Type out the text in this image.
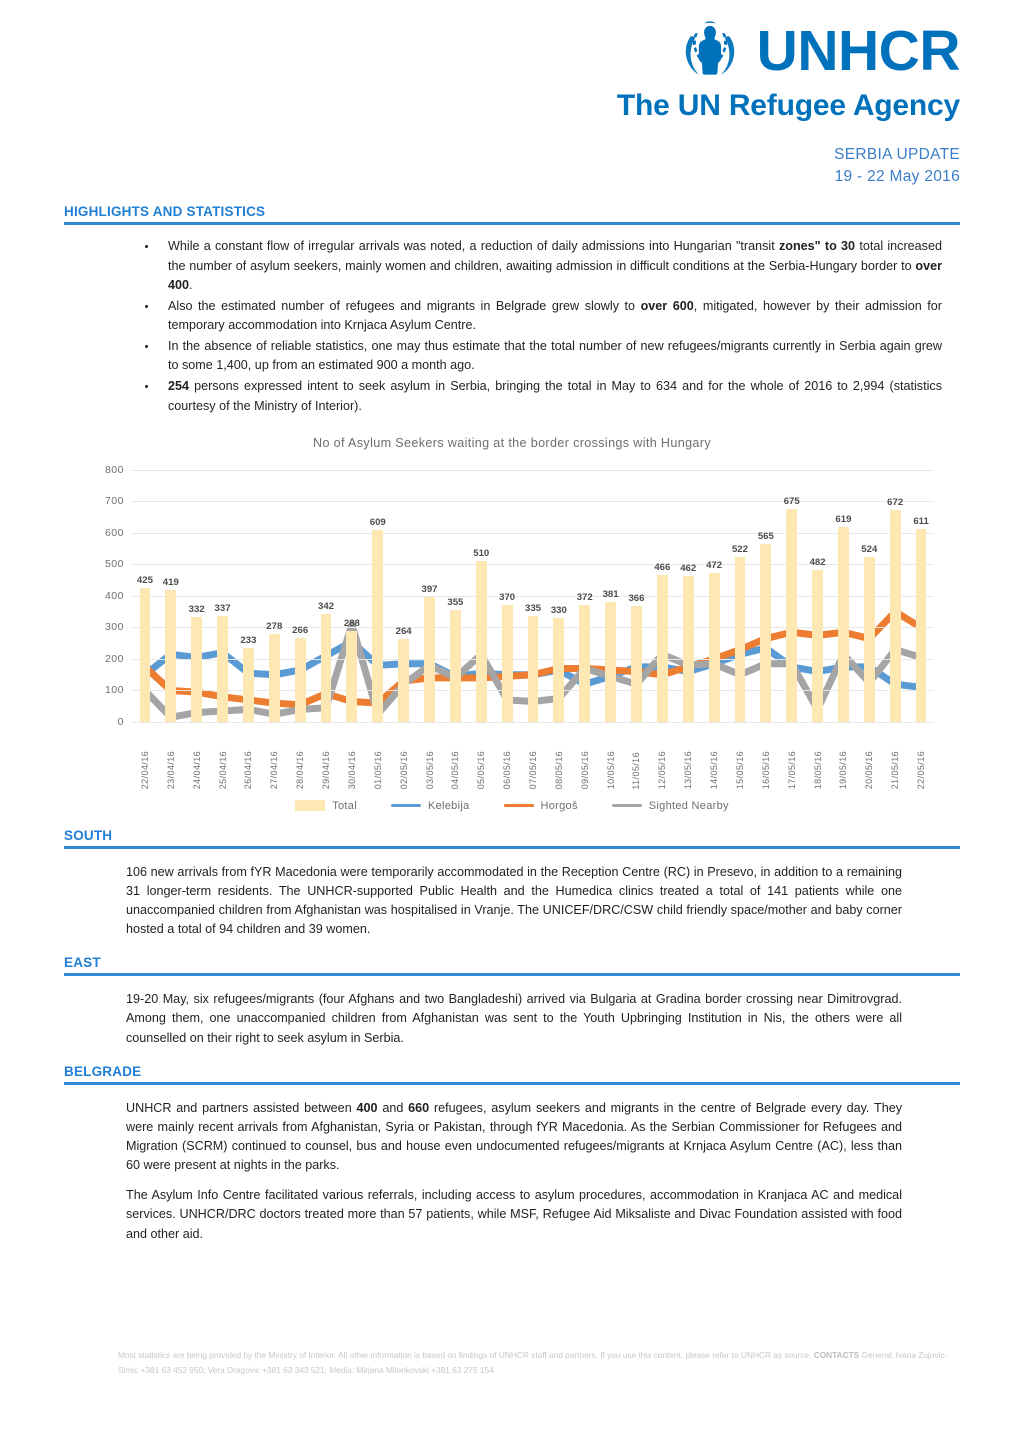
UNHCR
The UN Refugee Agency
SERBIA UPDATE
19 - 22 May 2016
HIGHLIGHTS AND STATISTICS
• While a constant flow of irregular arrivals was noted, a reduction of daily admissions into Hungarian "transit zones" to 30 total increased the number of asylum seekers, mainly women and children, awaiting admission in difficult conditions at the Serbia-Hungary border to over 400.
• Also the estimated number of refugees and migrants in Belgrade grew slowly to over 600, mitigated, however by their admission for temporary accommodation into Krnjaca Asylum Centre.
• In the absence of reliable statistics, one may thus estimate that the total number of new refugees/migrants currently in Serbia again grew to some 1,400, up from an estimated 900 a month ago.
• 254 persons expressed intent to seek asylum in Serbia, bringing the total in May to 634 and for the whole of 2016 to 2,994 (statistics courtesy of the Ministry of Interior).
No of Asylum Seekers waiting at the border crossings with Hungary
0
100
200
300
400
500
600
700
800
425 419
332 337
233
278 266
342
288
609
264
397
355
510
370
335 330
372 381 366
466 462 472
522
565
675
482
619
524
672
611
22/04/16 23/04/16 24/04/16 25/04/16 26/04/16 27/04/16 28/04/16 29/04/16 30/04/16 01/05/16 02/05/16 03/05/16 04/05/16 05/05/16 06/05/16 07/05/16 08/05/16 09/05/16 10/05/16 11/05/16 12/05/16 13/05/16 14/05/16 15/05/16 16/05/16 17/05/16 18/05/16 19/05/16 20/05/16 21/05/16 22/05/16
Total	Kelebija	Horgoš	Sighted Nearby
SOUTH

106 new arrivals from fYR Macedonia were temporarily accommodated in the Reception Centre (RC) in Presevo, in addition to a remaining 31 longer-term residents. The UNHCR-supported Public Health and the Humedica clinics treated a total of 141 patients while one unaccompanied children from Afghanistan was hospitalised in Vranje. The UNICEF/DRC/CSW child friendly space/mother and baby corner hosted a total of 94 children and 39 women.

EAST

19-20 May, six refugees/migrants (four Afghans and two Bangladeshi) arrived via Bulgaria at Gradina border crossing near Dimitrovgrad. Among them, one unaccompanied children from Afghanistan was sent to the Youth Upbringing Institution in Nis, the others were all counselled on their right to seek asylum in Serbia.

BELGRADE

UNHCR and partners assisted between 400 and 660 refugees, asylum seekers and migrants in the centre of Belgrade every day. They were mainly recent arrivals from Afghanistan, Syria or Pakistan, through fYR Macedonia. As the Serbian Commissioner for Refugees and Migration (SCRM) continued to counsel, bus and house even undocumented refugees/migrants at Krnjaca Asylum Centre (AC), less than 60 were present at nights in the parks.

The Asylum Info Centre facilitated various referrals, including access to asylum procedures, accommodation in Kranjaca AC and medical services. UNHCR/DRC doctors treated more than 57 patients, while MSF, Refugee Aid Miksaliste and Divac Foundation assisted with food and other aid.

Most statistics are being provided by the Ministry of Interior. All other information is based on findings of UNHCR staff and partners. If you use this content, please refer to UNHCR as source. CONTACTS General: Ivana Zujovic-Simic +381 63 452 950; Vera Dragovic +381 63 343 521; Media: Mirjana Milenkovski +381 63 275 154
